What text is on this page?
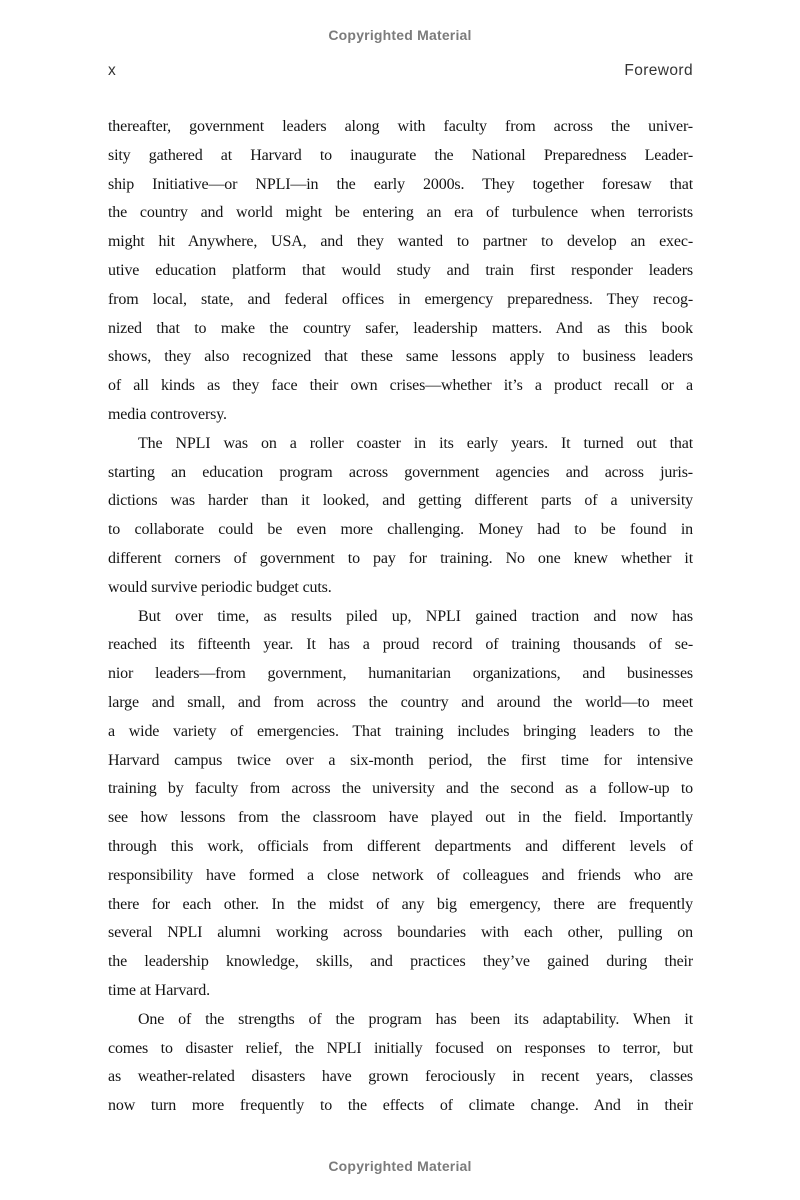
Copyrighted Material
x	Foreword
thereafter, government leaders along with faculty from across the univer-
sity gathered at Harvard to inaugurate the National Preparedness Leader-
ship Initiative—or NPLI—in the early 2000s. They together foresaw that
the country and world might be entering an era of turbulence when terrorists
might hit Anywhere, USA, and they wanted to partner to develop an exec-
utive education platform that would study and train first responder leaders
from local, state, and federal offices in emergency preparedness. They recog-
nized that to make the country safer, leadership matters. And as this book
shows, they also recognized that these same lessons apply to business leaders
of all kinds as they face their own crises—whether it’s a product recall or a
media controversy.
The NPLI was on a roller coaster in its early years. It turned out that
starting an education program across government agencies and across juris-
dictions was harder than it looked, and getting different parts of a university
to collaborate could be even more challenging. Money had to be found in
different corners of government to pay for training. No one knew whether it
would survive periodic budget cuts.
But over time, as results piled up, NPLI gained traction and now has
reached its fifteenth year. It has a proud record of training thousands of se-
nior leaders—from government, humanitarian organizations, and businesses
large and small, and from across the country and around the world—to meet
a wide variety of emergencies. That training includes bringing leaders to the
Harvard campus twice over a six-month period, the first time for intensive
training by faculty from across the university and the second as a follow-up to
see how lessons from the classroom have played out in the field. Importantly
through this work, officials from different departments and different levels of
responsibility have formed a close network of colleagues and friends who are
there for each other. In the midst of any big emergency, there are frequently
several NPLI alumni working across boundaries with each other, pulling on
the leadership knowledge, skills, and practices they’ve gained during their
time at Harvard.
One of the strengths of the program has been its adaptability. When it
comes to disaster relief, the NPLI initially focused on responses to terror, but
as weather-related disasters have grown ferociously in recent years, classes
now turn more frequently to the effects of climate change. And in their
Copyrighted Material
